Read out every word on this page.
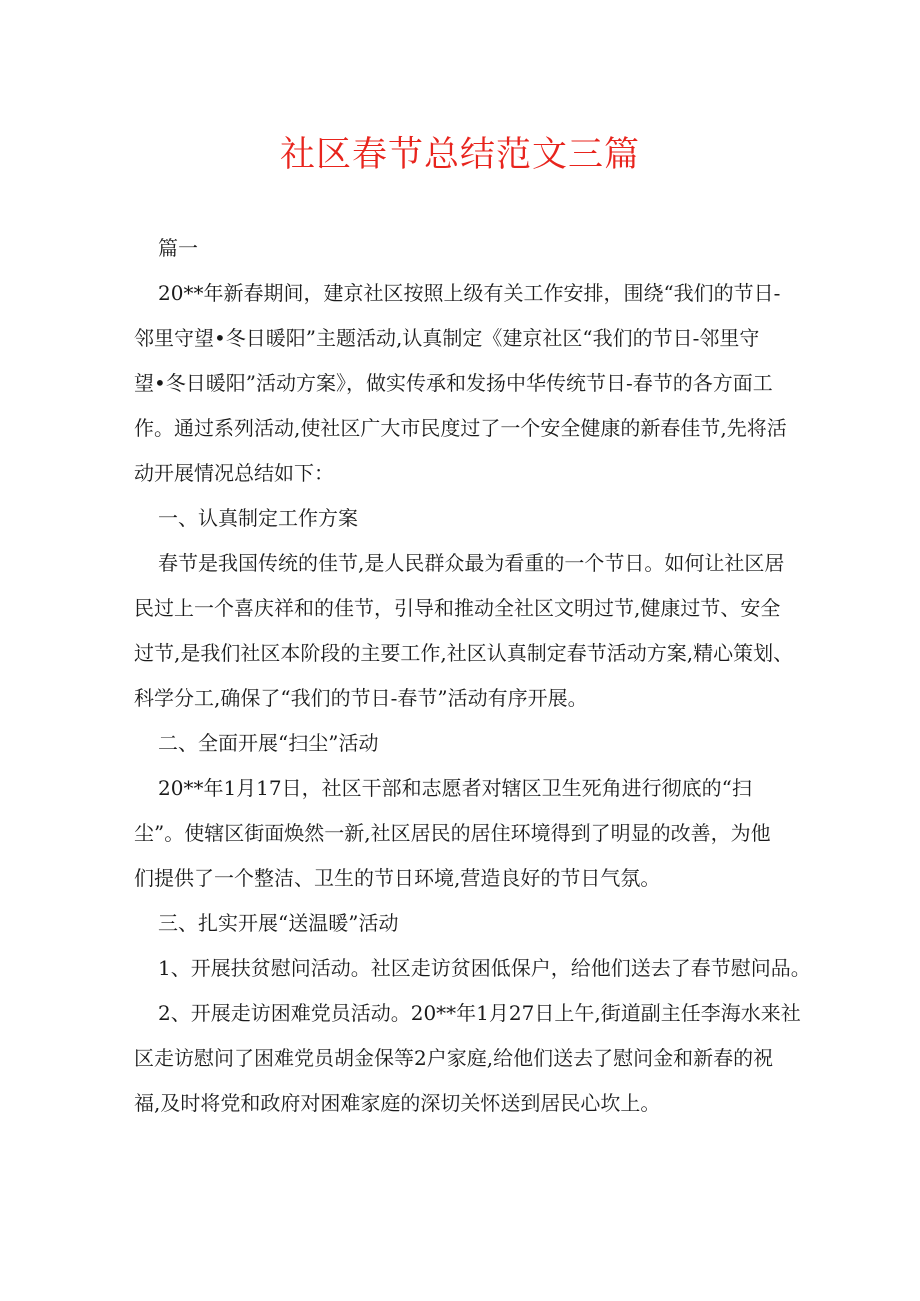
社区春节总结范文三篇
篇一
20**年新春期间，建京社区按照上级有关工作安排，围绕“我们的节日-
邻里守望•冬日暖阳”主题活动,认真制定《建京社区“我们的节日-邻里守
望•冬日暖阳”活动方案》，做实传承和发扬中华传统节日-春节的各方面工
作。通过系列活动,使社区广大市民度过了一个安全健康的新春佳节,先将活
动开展情况总结如下：
一、认真制定工作方案
春节是我国传统的佳节,是人民群众最为看重的一个节日。如何让社区居
民过上一个喜庆祥和的佳节，引导和推动全社区文明过节,健康过节、安全
过节,是我们社区本阶段的主要工作,社区认真制定春节活动方案,精心策划、
科学分工,确保了“我们的节日-春节”活动有序开展。
二、全面开展“扫尘”活动
20**年1月17日，社区干部和志愿者对辖区卫生死角进行彻底的“扫
尘”。使辖区街面焕然一新,社区居民的居住环境得到了明显的改善，为他
们提供了一个整洁、卫生的节日环境,营造良好的节日气氛。
三、扎实开展“送温暖”活动
1、开展扶贫慰问活动。社区走访贫困低保户，给他们送去了春节慰问品。
2、开展走访困难党员活动。20**年1月27日上午,街道副主任李海水来社
区走访慰问了困难党员胡金保等2户家庭,给他们送去了慰问金和新春的祝
福,及时将党和政府对困难家庭的深切关怀送到居民心坎上。
